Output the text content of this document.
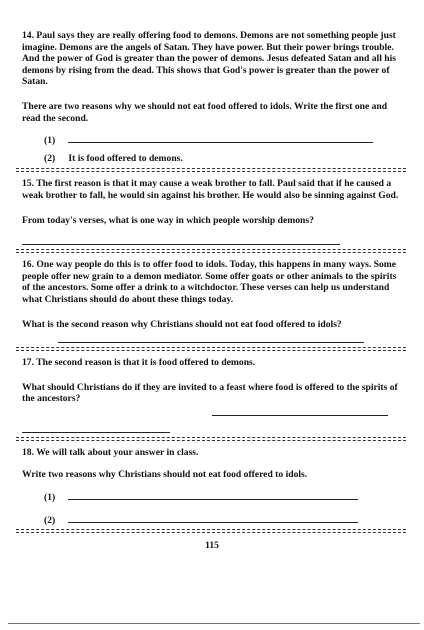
14. Paul says they are really offering food to demons. Demons are not something people just imagine. Demons are the angels of Satan. They have power. But their power brings trouble. And the power of God is greater than the power of demons. Jesus defeated Satan and all his demons by rising from the dead. This shows that God's power is greater than the power of Satan.

There are two reasons why we should not eat food offered to idols. Write the first one and read the second.

(1)
(2) It is food offered to demons.

15. The first reason is that it may cause a weak brother to fall. Paul said that if he caused a weak brother to fall, he would sin against his brother. He would also be sinning against God.

From today's verses, what is one way in which people worship demons?

16. One way people do this is to offer food to idols. Today, this happens in many ways. Some people offer new grain to a demon mediator. Some offer goats or other animals to the spirits of the ancestors. Some offer a drink to a witchdoctor. These verses can help us understand what Christians should do about these things today.

What is the second reason why Christians should not eat food offered to idols?

17. The second reason is that it is food offered to demons.

What should Christians do if they are invited to a feast where food is offered to the spirits of the ancestors?

18. We will talk about your answer in class.

Write two reasons why Christians should not eat food offered to idols.

(1)
(2)
115
